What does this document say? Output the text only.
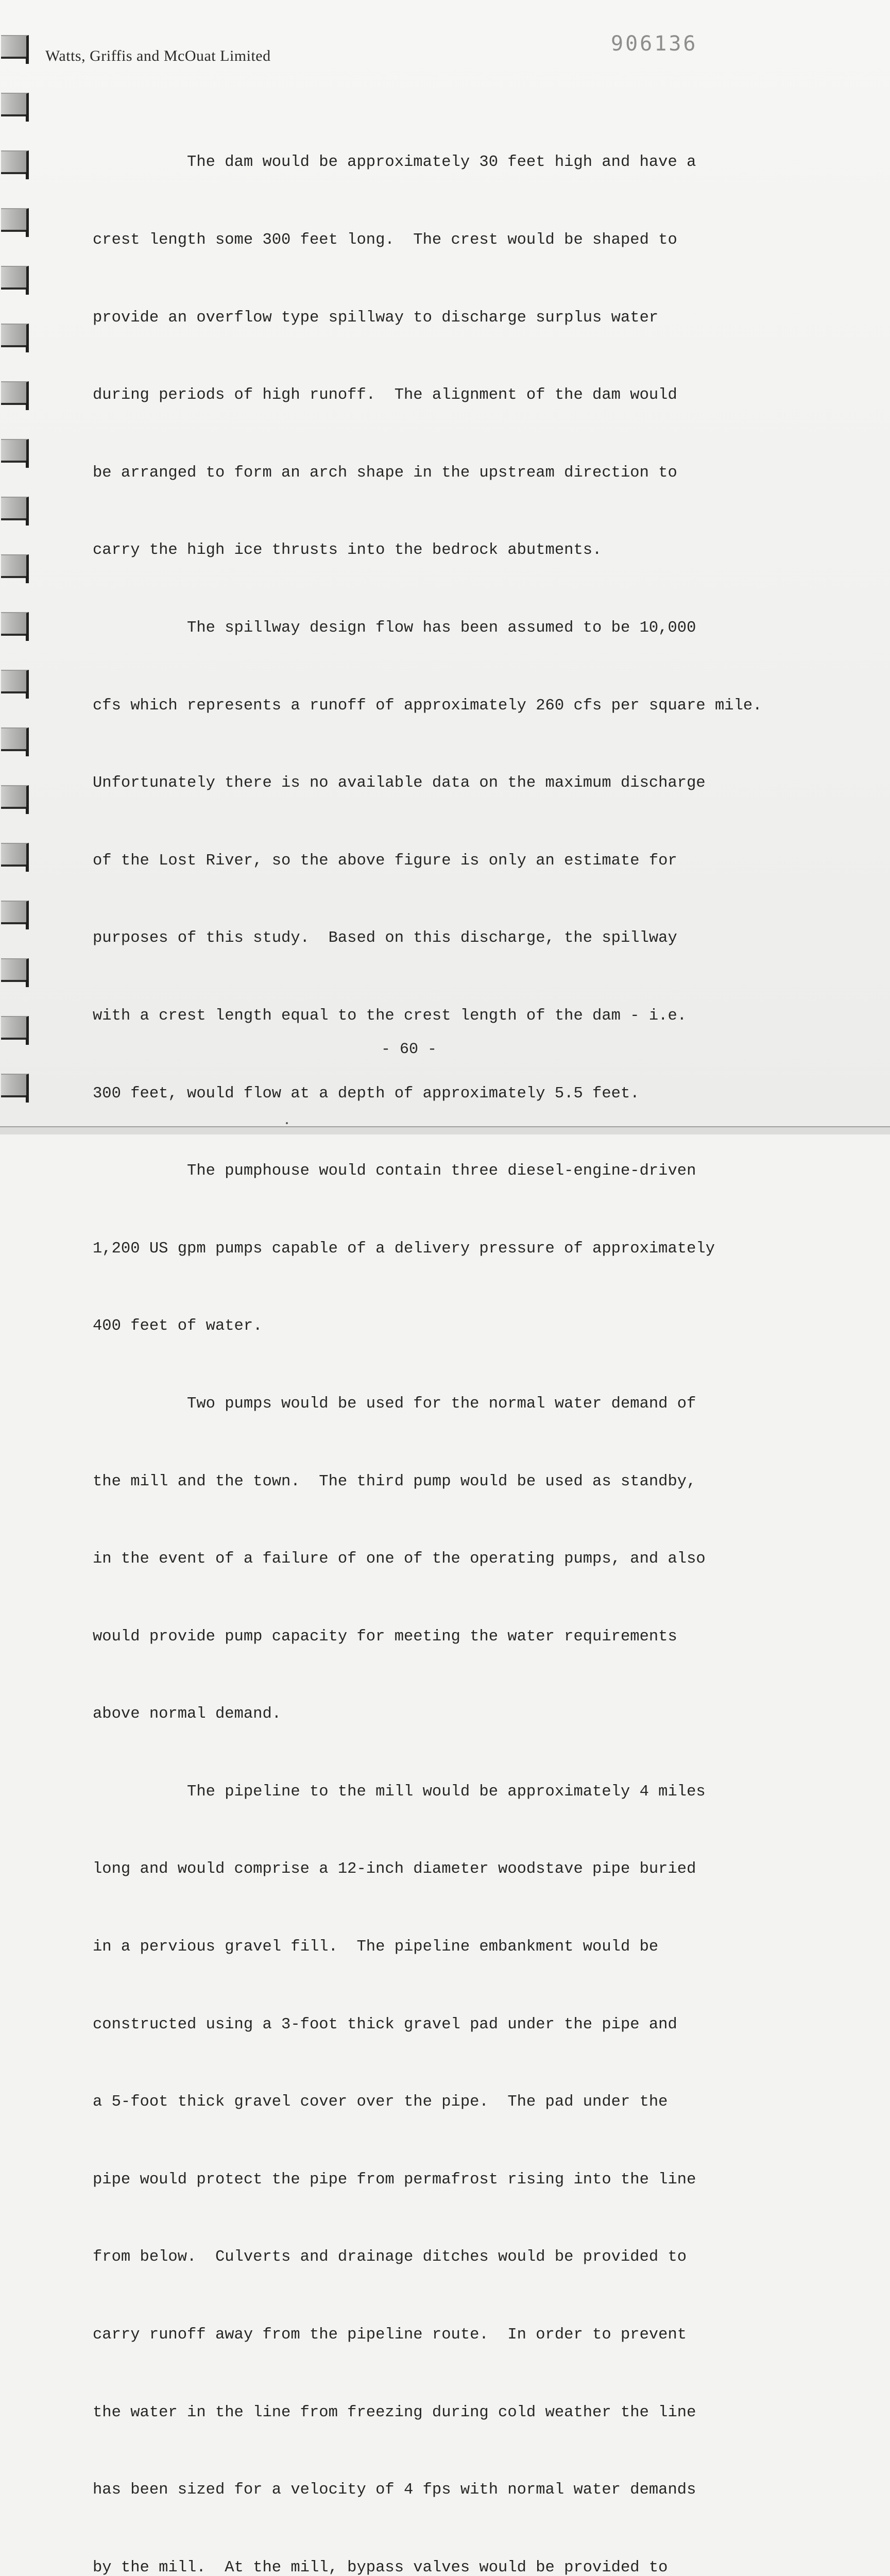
Watts, Griffis and McOuat Limited
906136

The dam would be approximately 30 feet high and have a

crest length some 300 feet long.  The crest would be shaped to

provide an overflow type spillway to discharge surplus water

during periods of high runoff.  The alignment of the dam would

be arranged to form an arch shape in the upstream direction to

carry the high ice thrusts into the bedrock abutments.

The spillway design flow has been assumed to be 10,000

cfs which represents a runoff of approximately 260 cfs per square mile.

Unfortunately there is no available data on the maximum discharge

of the Lost River, so the above figure is only an estimate for

purposes of this study.  Based on this discharge, the spillway

with a crest length equal to the crest length of the dam - i.e.

300 feet, would flow at a depth of approximately 5.5 feet.

The pumphouse would contain three diesel-engine-driven

1,200 US gpm pumps capable of a delivery pressure of approximately

400 feet of water.

Two pumps would be used for the normal water demand of

the mill and the town.  The third pump would be used as standby,

in the event of a failure of one of the operating pumps, and also

would provide pump capacity for meeting the water requirements

above normal demand.

The pipeline to the mill would be approximately 4 miles

long and would comprise a 12-inch diameter woodstave pipe buried

in a pervious gravel fill.  The pipeline embankment would be

constructed using a 3-foot thick gravel pad under the pipe and

a 5-foot thick gravel cover over the pipe.  The pad under the

pipe would protect the pipe from permafrost rising into the line

from below.  Culverts and drainage ditches would be provided to

carry runoff away from the pipeline route.  In order to prevent

the water in the line from freezing during cold weather the line

has been sized for a velocity of 4 fps with normal water demands

by the mill.  At the mill, bypass valves would be provided to

- 60 -
